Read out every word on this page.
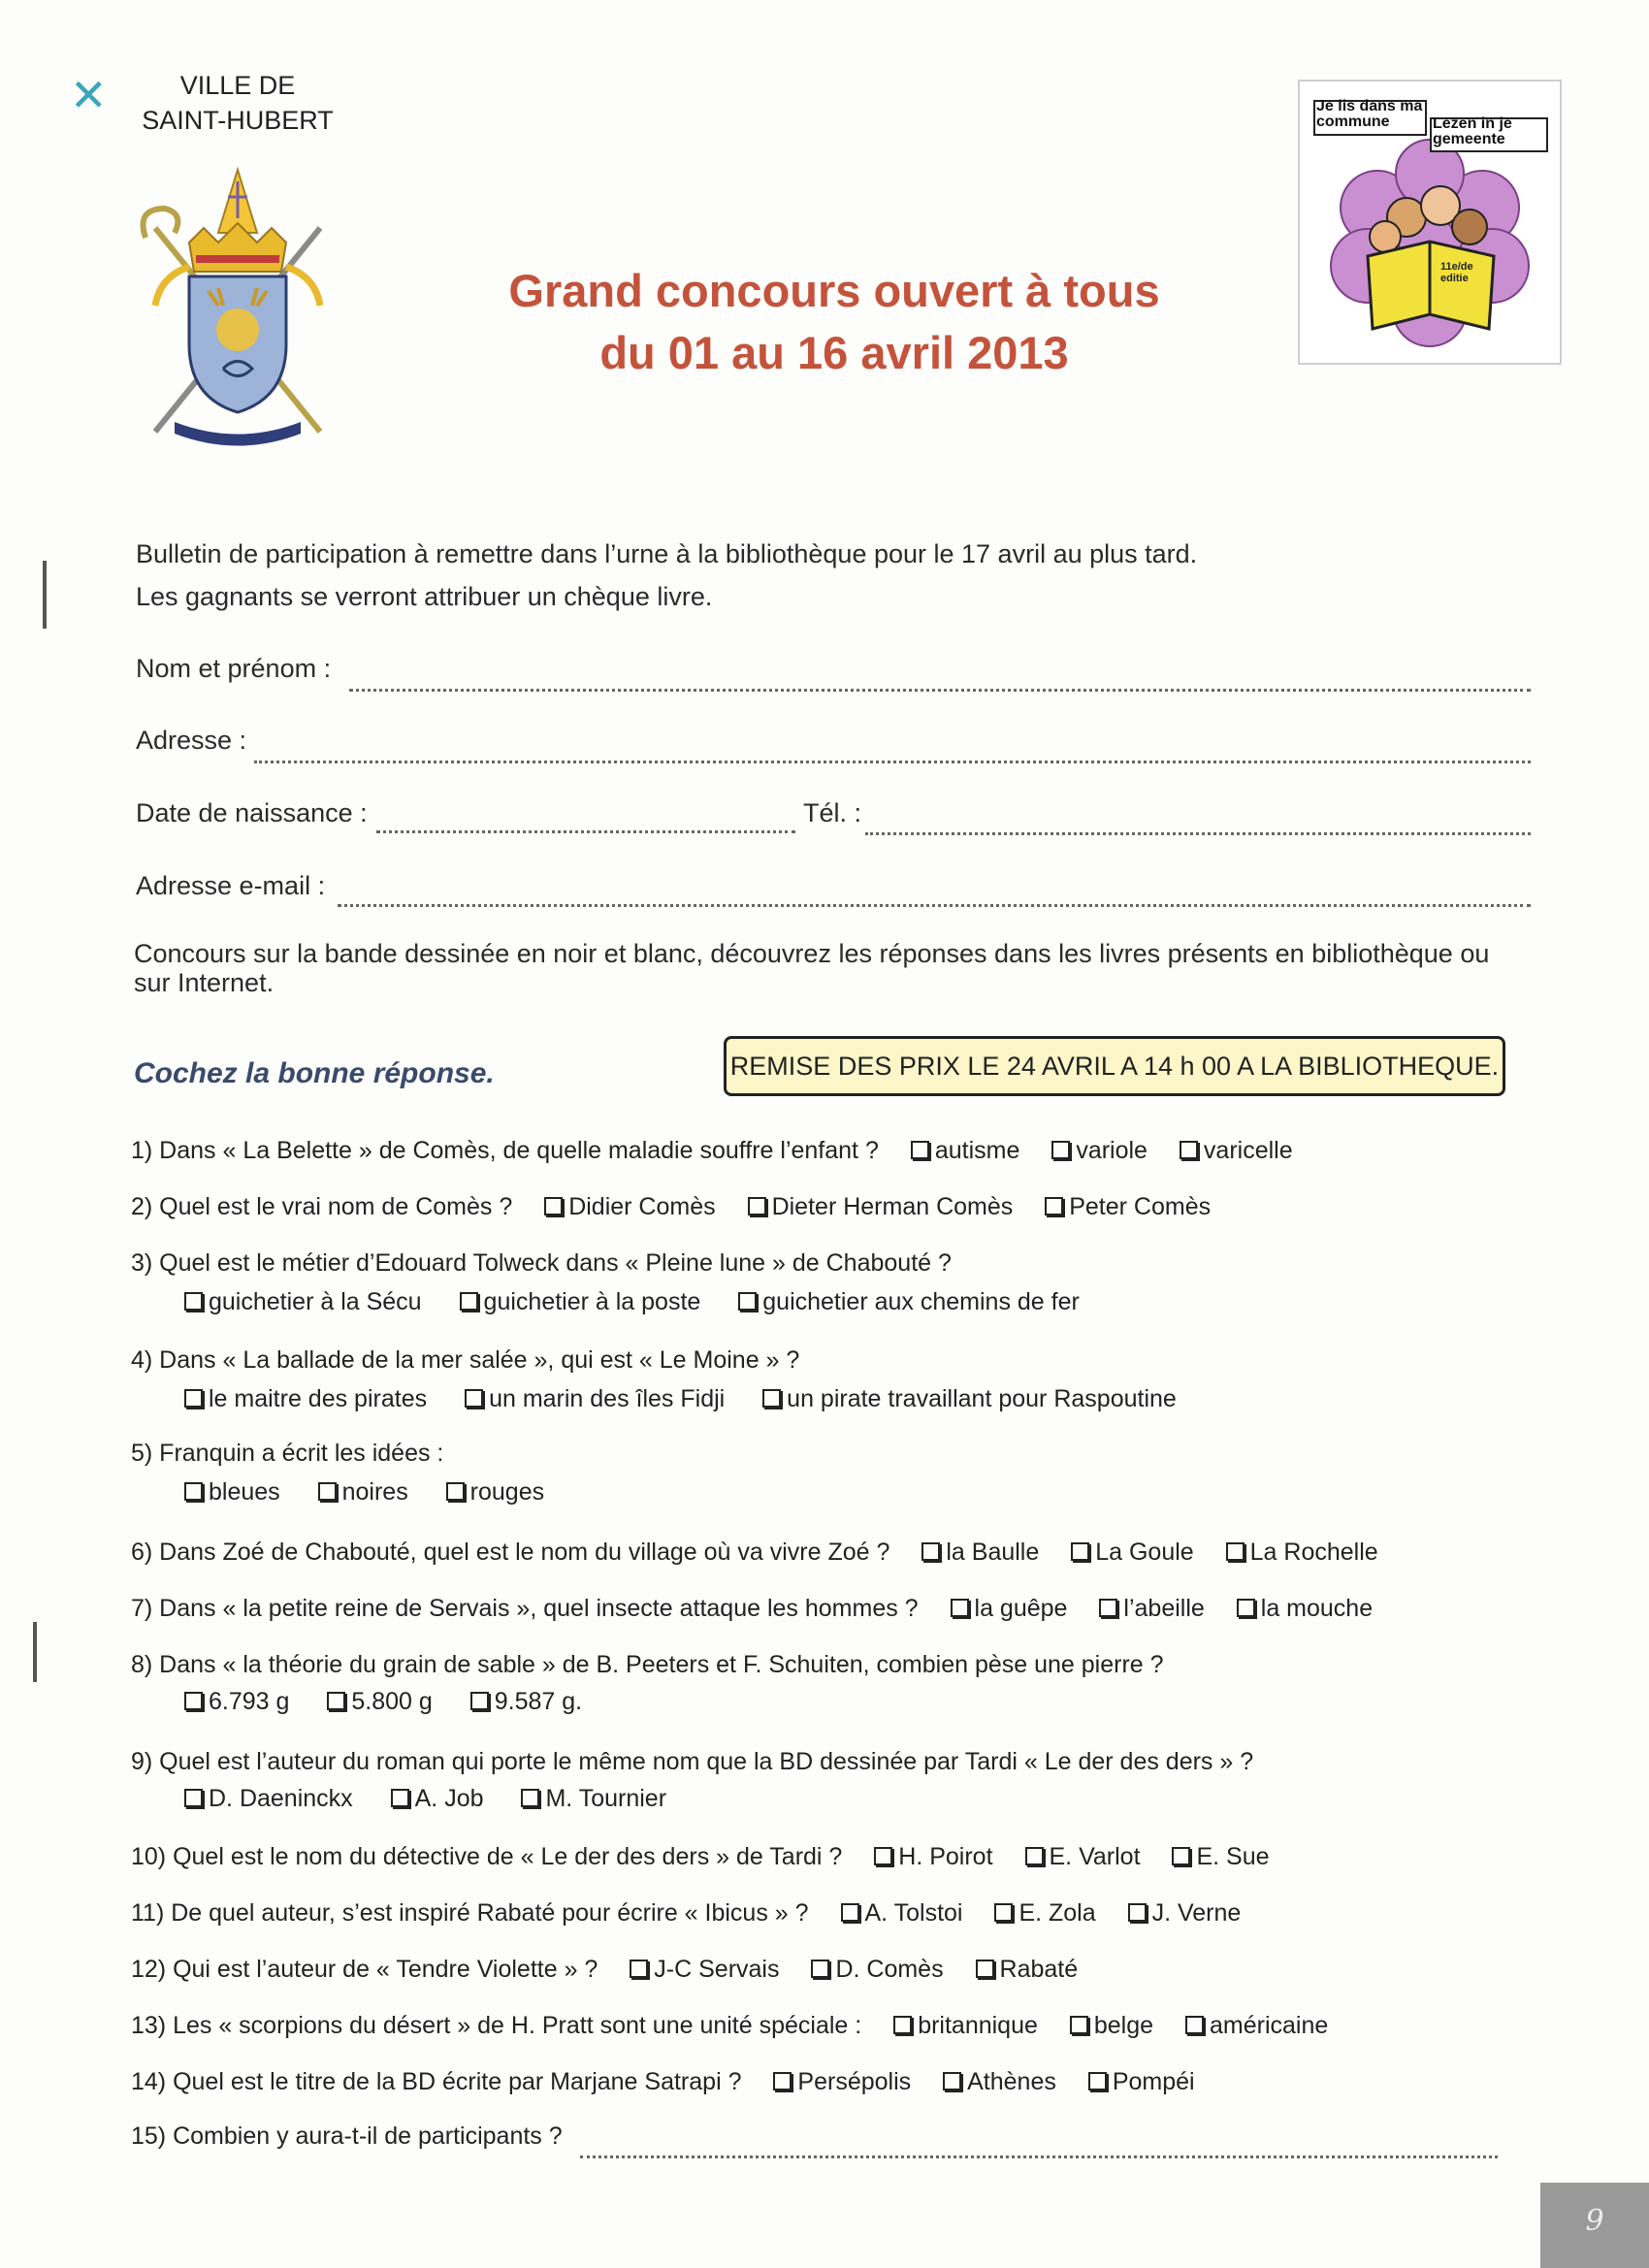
✕	VILLE DE
SAINT-HUBERT
Grand concours ouvert à tous
du 01 au 16 avril 2013
Je lis dans ma commune	Lezen in je gemeente
11e/de editie
Bulletin de participation à remettre dans l’urne à la bibliothèque pour le 17 avril au plus tard.
Les gagnants se verront attribuer un chèque livre.
Nom et prénom :
Adresse :
Date de naissance :	Tél. :
Adresse e-mail :
Concours sur la bande dessinée en noir et blanc, découvrez les réponses dans les livres présents en bibliothèque ou
sur Internet.
Cochez la bonne réponse.	REMISE DES PRIX LE 24 AVRIL A 14 h 00 A LA BIBLIOTHEQUE.
1) Dans « La Belette » de Comès, de quelle maladie souffre l’enfant ? autisme variole varicelle
2) Quel est le vrai nom de Comès ? Didier Comès Dieter Herman Comès Peter Comès
3) Quel est le métier d’Edouard Tolweck dans « Pleine lune » de Chabouté ?
guichetier à la Sécu	guichetier à la poste	guichetier aux chemins de fer
4) Dans « La ballade de la mer salée », qui est « Le Moine » ?
le maitre des pirates	un marin des îles Fidji	un pirate travaillant pour Raspoutine
5) Franquin a écrit les idées :
bleues	noires	rouges
6) Dans Zoé de Chabouté, quel est le nom du village où va vivre Zoé ? la Baulle La Goule La Rochelle
7) Dans « la petite reine de Servais », quel insecte attaque les hommes ? la guêpe l’abeille la mouche
8) Dans « la théorie du grain de sable » de B. Peeters et F. Schuiten, combien pèse une pierre ?
6.793 g	5.800 g	9.587 g.
9) Quel est l’auteur du roman qui porte le même nom que la BD dessinée par Tardi « Le der des ders » ?
D. Daeninckx	A. Job	M. Tournier
10) Quel est le nom du détective de « Le der des ders » de Tardi ? H. Poirot E. Varlot E. Sue
11) De quel auteur, s’est inspiré Rabaté pour écrire « Ibicus » ? A. Tolstoi E. Zola J. Verne
12) Qui est l’auteur de « Tendre Violette » ? J-C Servais D. Comès Rabaté
13) Les « scorpions du désert » de H. Pratt sont une unité spéciale : britannique belge américaine
14) Quel est le titre de la BD écrite par Marjane Satrapi ? Persépolis Athènes Pompéi
15) Combien y aura-t-il de participants ?
9
